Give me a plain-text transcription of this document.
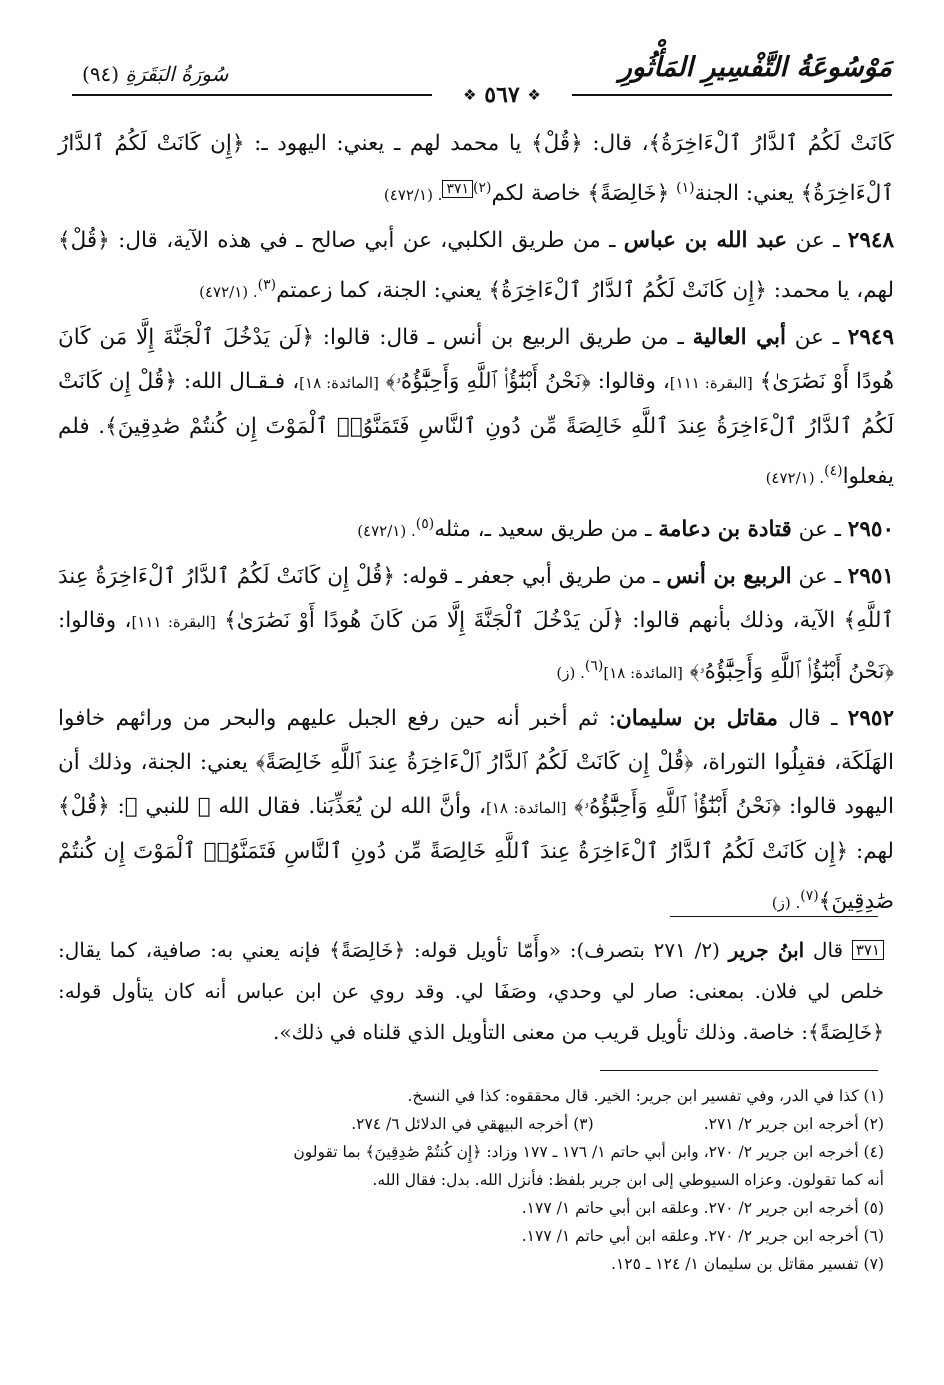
سُورَةُ البَقَرَةِ (٩٤)
❖ ٥٦٧ ❖
مَوْسُوعَةُ التَّفْسِيرِ المَأْثُورِ

كَانَتْ لَكُمُ ٱلدَّارُ ٱلْءَاخِرَةُ﴾، قال: ﴿قُلْ﴾ يا محمد لهم ـ يعني: اليهود ـ: ﴿إِن كَانَتْ لَكُمُ ٱلدَّارُ ٱلْءَاخِرَةُ﴾ يعني: الجنة$^{(١)}$ ﴿خَالِصَةً﴾ خاصة لكم$^{(٢)٣٧١}$. (٤٧٢/١)

٢٩٤٨ ـ عن عبد الله بن عباس ـ من طريق الكلبي، عن أبي صالح ـ في هذه الآية، قال: ﴿قُلْ﴾ لهم، يا محمد: ﴿إِن كَانَتْ لَكُمُ ٱلدَّارُ ٱلْءَاخِرَةُ﴾ يعني: الجنة، كما زعمتم$^{(٣)}$. (٤٧٢/١)

٢٩٤٩ ـ عن أبي العالية ـ من طريق الربيع بن أنس ـ قال: قالوا: ﴿لَن يَدْخُلَ ٱلْجَنَّةَ إِلَّا مَن كَانَ هُودًا أَوْ نَصَٰرَىٰ﴾ [البقرة: ١١١]، وقالوا: ﴿نَحْنُ أَبْنَٰٓؤُا۟ ٱللَّهِ وَأَحِبَّٰٓؤُهُۥ﴾ [المائدة: ١٨]، فـقـال الله: ﴿قُلْ إِن كَانَتْ لَكُمُ ٱلدَّارُ ٱلْءَاخِرَةُ عِندَ ٱللَّهِ خَالِصَةً مِّن دُونِ ٱلنَّاسِ فَتَمَنَّوُا۟ ٱلْمَوْتَ إِن كُنتُمْ صَٰدِقِينَ﴾. فلم يفعلوا$^{(٤)}$. (٤٧٢/١)

٢٩٥٠ ـ عن قتادة بن دعامة ـ من طريق سعيد ـ، مثله$^{(٥)}$. (٤٧٢/١)

٢٩٥١ ـ عن الربيع بن أنس ـ من طريق أبي جعفر ـ قوله: ﴿قُلْ إِن كَانَتْ لَكُمُ ٱلدَّارُ ٱلْءَاخِرَةُ عِندَ ٱللَّهِ﴾ الآية، وذلك بأنهم قالوا: ﴿لَن يَدْخُلَ ٱلْجَنَّةَ إِلَّا مَن كَانَ هُودًا أَوْ نَصَٰرَىٰ﴾ [البقرة: ١١١]، وقالوا: ﴿نَحْنُ أَبْنَٰٓؤُا۟ ٱللَّهِ وَأَحِبَّٰٓؤُهُۥ﴾ [المائدة: ١٨]$^{(٦)}$. (ز)

٢٩٥٢ ـ قال مقاتل بن سليمان: ثم أخبر أنه حين رفع الجبل عليهم والبحر من ورائهم خافوا الهَلَكَة، فقبِلُوا التوراة، ﴿قُلْ إِن كَانَتْ لَكُمُ ٱلدَّارُ ٱلْءَاخِرَةُ عِندَ ٱللَّهِ خَالِصَةً﴾ يعني: الجنة، وذلك أن اليهود قالوا: ﴿نَحْنُ أَبْنَٰٓؤُا۟ ٱللَّهِ وَأَحِبَّٰٓؤُهُۥ﴾ [المائدة: ١٨]، وأنَّ الله لن يُعَذِّبَنا. فقال الله ﷻ للنبي ﷺ: ﴿قُلْ﴾ لهم: ﴿إِن كَانَتْ لَكُمُ ٱلدَّارُ ٱلْءَاخِرَةُ عِندَ ٱللَّهِ خَالِصَةً مِّن دُونِ ٱلنَّاسِ فَتَمَنَّوُا۟ ٱلْمَوْتَ إِن كُنتُمْ صَٰدِقِينَ﴾$^{(٧)}$. (ز)

٣٧١ قال ابنُ جرير (٢/ ٢٧١ بتصرف): «وأَمّا تأويل قوله: ﴿خَالِصَةً﴾ فإنه يعني به: صافية، كما يقال: خلص لي فلان. بمعنى: صار لي وحدي، وصَفَا لي. وقد روي عن ابن عباس أنه كان يتأول قوله: ﴿خَالِصَةً﴾: خاصة. وذلك تأويل قريب من معنى التأويل الذي قلناه في ذلك».

(١) كذا في الدر، وفي تفسير ابن جرير: الخير. قال محققوه: كذا في النسخ.
(٢) أخرجه ابن جرير ٢/ ٢٧١.
(٣) أخرجه البيهقي في الدلائل ٦/ ٢٧٤.
(٤) أخرجه ابن جرير ٢/ ٢٧٠، وابن أبي حاتم ١/ ١٧٦ ـ ١٧٧ وزاد: ﴿إِن كُنتُمْ صَٰدِقِينَ﴾ بما تقولون
أنه كما تقولون. وعزاه السيوطي إلى ابن جرير بلفظ: فأنزل الله. بدل: فقال الله.
(٥) أخرجه ابن جرير ٢/ ٢٧٠. وعلقه ابن أبي حاتم ١/ ١٧٧.
(٦) أخرجه ابن جرير ٢/ ٢٧٠. وعلقه ابن أبي حاتم ١/ ١٧٧.
(٧) تفسير مقاتل بن سليمان ١/ ١٢٤ ـ ١٢٥.
